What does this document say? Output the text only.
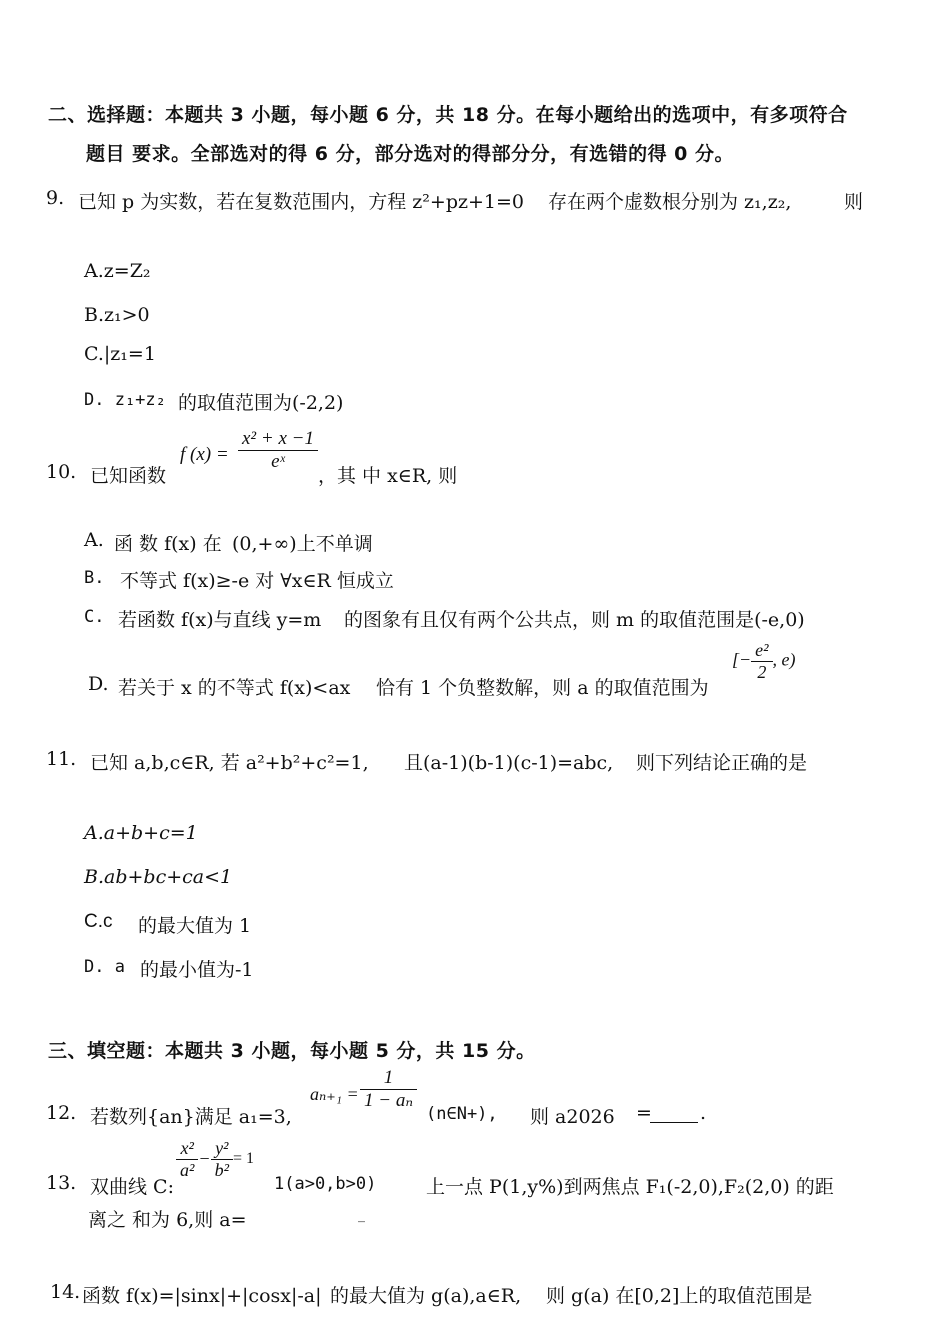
二、选择题：本题共 3 小题，每小题 6 分，共 18 分。在每小题给出的选项中，有多项符合
题目 要求。全部选对的得 6 分，部分选对的得部分分，有选错的得 0 分。
9. 已知 p 为实数，若在复数范围内，方程 z²+pz+1=0 存在两个虚数根分别为 z₁,z₂,	则
A.z=Z₂
B.z₁>0
C.|z₁=1
D. z₁+z₂ 的取值范围为(-2,2)
10. 已知函数
f $(x) = \frac{\text{x² + x −1}}{\text{eˣ}}$
，其 中 x∈R, 则
A. 函 数 f(x) 在 (0,+∞)上不单调
B. 不等式 f(x)≥-e 对 ∀x∈R 恒成立
C. 若函数 f(x)与直线 y=m 的图象有且仅有两个公共点，则 m 的取值范围是(-e,0)
D. 若关于 x 的不等式 f(x)<ax 恰有 1 个负整数解，则 a 的取值范围为
[− $\frac{\text{e²}}{2}$ , e)
11. 已知 a,b,c∈R, 若 a²+b²+c²=1, 且(a-1)(b-1)(c-1)=abc, 则下列结论正确的是
A.a+b+c=1
B.ab+bc+ca<1
C.c 的最大值为 1
D. a 的最小值为-1
三、填空题：本题共 3 小题，每小题 5 分，共 15 分。
12. 若数列{an}满足 a₁=3,
$a_{n+1} = \frac{1}{\text{1 − aₙ}}$
(n∈N+), 则 a2026 =	.
13. 双曲线 C:
$\frac{\text{x²}}{\text{a²}} - \frac{\text{y²}}{\text{b²}} = 1$
1(a>0,b>0)	上一点 P(1,y%)到两焦点 F₁(-2,0),F₂(2,0) 的距
离之 和为 6,则 a=	_
14. 函数 f(x)=|sinx|+|cosx|-a| 的最大值为 g(a),a∈R, 则 g(a) 在[0,2]上的取值范围是
